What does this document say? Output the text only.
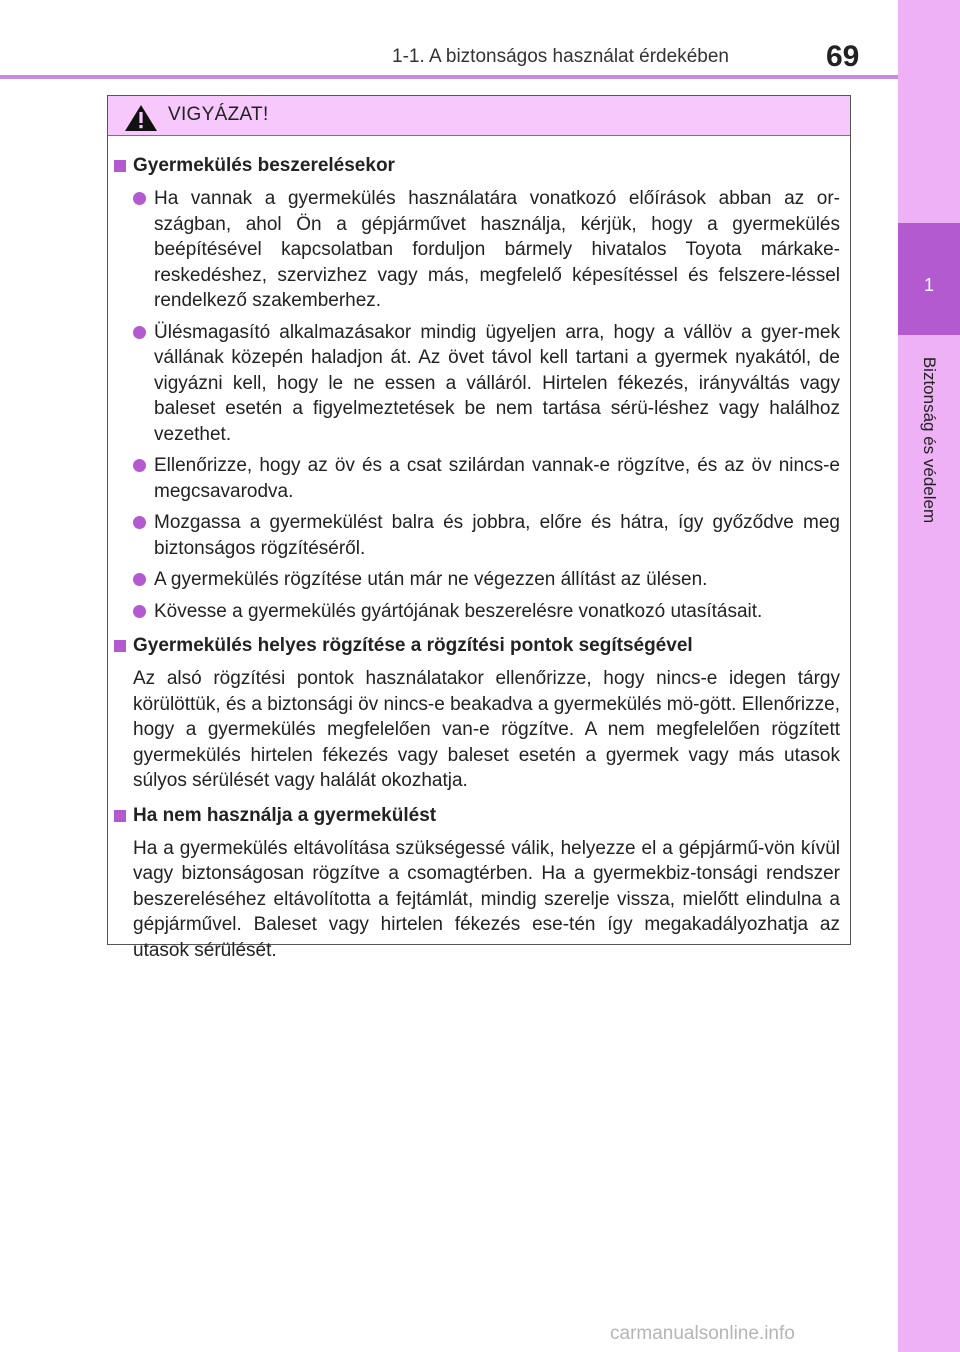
1-1. A biztonságos használat érdekében	69
1
Biztonság és védelem
VIGYÁZAT!
Gyermekülés beszerelésekor
Ha vannak a gyermekülés használatára vonatkozó előírások abban az or-szágban, ahol Ön a gépjárművet használja, kérjük, hogy a gyermekülés beépítésével kapcsolatban forduljon bármely hivatalos Toyota márkake-reskedéshez, szervizhez vagy más, megfelelő képesítéssel és felszere-léssel rendelkező szakemberhez.
Ülésmagasító alkalmazásakor mindig ügyeljen arra, hogy a vállöv a gyer-mek vállának közepén haladjon át. Az övet távol kell tartani a gyermek nyakától, de vigyázni kell, hogy le ne essen a válláról. Hirtelen fékezés, irányváltás vagy baleset esetén a figyelmeztetések be nem tartása sérü-léshez vagy halálhoz vezethet.
Ellenőrizze, hogy az öv és a csat szilárdan vannak-e rögzítve, és az öv nincs-e megcsavarodva.
Mozgassa a gyermekülést balra és jobbra, előre és hátra, így győződve meg biztonságos rögzítéséről.
A gyermekülés rögzítése után már ne végezzen állítást az ülésen.
Kövesse a gyermekülés gyártójának beszerelésre vonatkozó utasításait.
Gyermekülés helyes rögzítése a rögzítési pontok segítségével
Az alsó rögzítési pontok használatakor ellenőrizze, hogy nincs-e idegen tárgy körülöttük, és a biztonsági öv nincs-e beakadva a gyermekülés mö-gött. Ellenőrizze, hogy a gyermekülés megfelelően van-e rögzítve. A nem megfelelően rögzített gyermekülés hirtelen fékezés vagy baleset esetén a gyermek vagy más utasok súlyos sérülését vagy halálát okozhatja.
Ha nem használja a gyermekülést
Ha a gyermekülés eltávolítása szükségessé válik, helyezze el a gépjármű-vön kívül vagy biztonságosan rögzítve a csomagtérben. Ha a gyermekbiz-tonsági rendszer beszereléséhez eltávolította a fejtámlát, mindig szerelje vissza, mielőtt elindulna a gépjárművel. Baleset vagy hirtelen fékezés ese-tén így megakadályozhatja az utasok sérülését.
carmanualsonline.info
